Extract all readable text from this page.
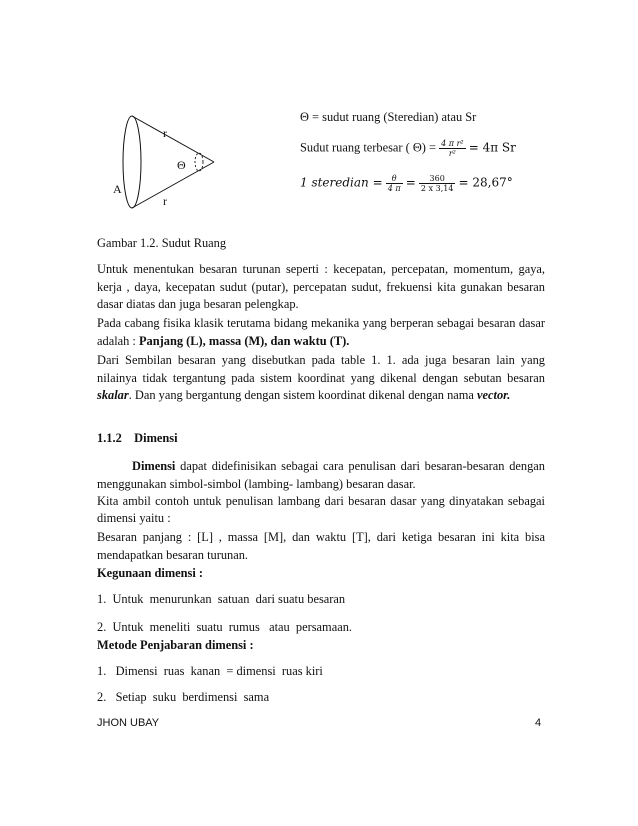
r
Θ
A
r
Θ = sudut ruang (Steredian) atau Sr
Sudut ruang terbesar ( $\Theta) = \frac{\text{4 π r²}}{\text{r²}} = 4\pi$ Sr
1 steredian = $\frac{\theta}{4 \pi} = \frac{360}{2 x 3,14} = 28,67^\circ$
Gambar 1.2. Sudut Ruang
Untuk menentukan besaran turunan seperti : kecepatan, percepatan, momentum, gaya, kerja , daya, kecepatan sudut (putar), percepatan sudut, frekuensi kita gunakan besaran dasar diatas dan juga besaran pelengkap.
Pada cabang fisika klasik terutama bidang mekanika yang berperan sebagai besaran dasar adalah : Panjang (L), massa (M), dan waktu (T).
Dari Sembilan besaran yang disebutkan pada table 1. 1. ada juga besaran lain yang nilainya tidak tergantung pada sistem koordinat yang dikenal dengan sebutan besaran skalar. Dan yang bergantung dengan sistem koordinat dikenal dengan nama vector.
1.1.2    Dimensi
Dimensi dapat didefinisikan sebagai cara penulisan dari besaran-besaran dengan menggunakan simbol-simbol (lambing- lambang) besaran dasar.
Kita ambil contoh untuk penulisan lambang dari besaran dasar yang dinyatakan sebagai dimensi yaitu :
Besaran panjang : [L] , massa [M], dan waktu [T], dari ketiga besaran ini kita bisa mendapatkan besaran turunan.
Kegunaan dimensi :
1.  Untuk  menurunkan  satuan  dari suatu besaran
2.  Untuk  meneliti  suatu  rumus   atau  persamaan.
Metode Penjabaran dimensi :
1.   Dimensi  ruas  kanan  = dimensi  ruas kiri
2.   Setiap  suku  berdimensi  sama
JHON UBAY	4
